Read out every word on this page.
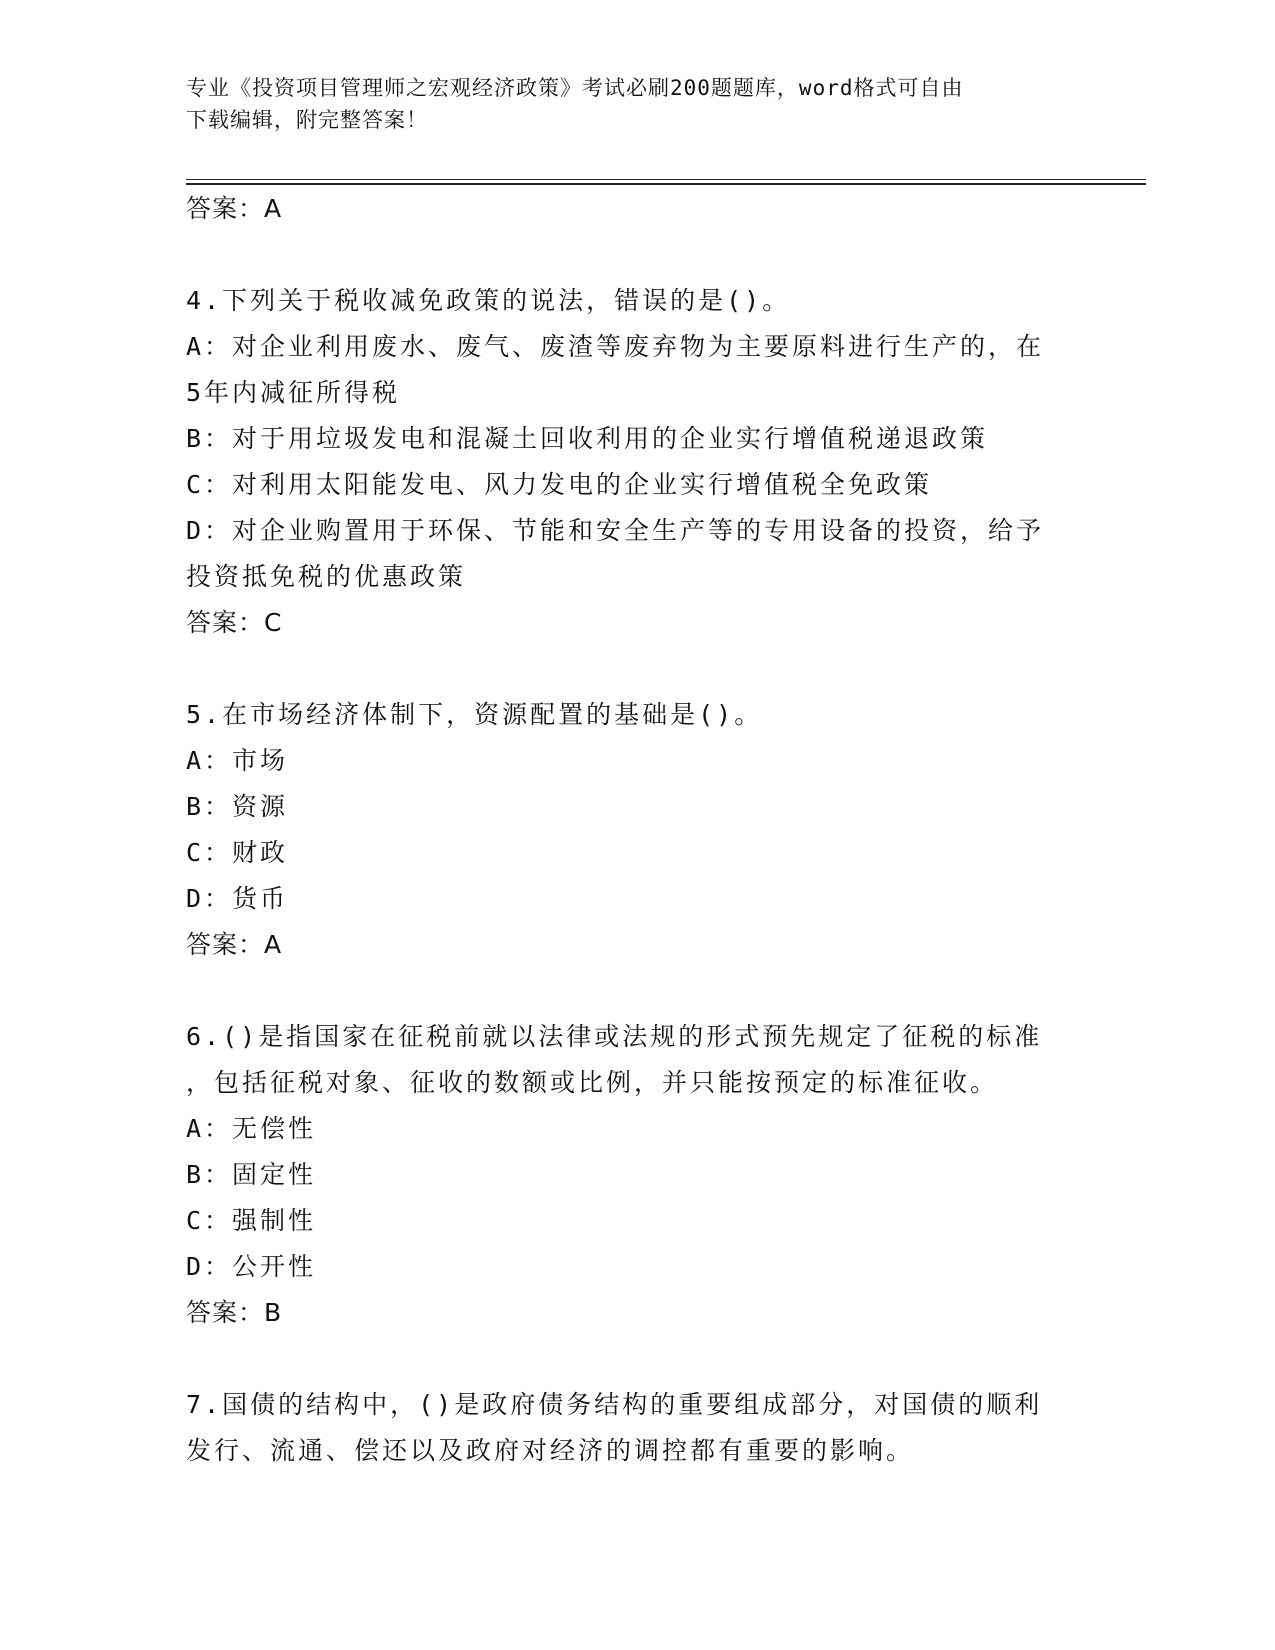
专业《投资项目管理师之宏观经济政策》考试必刷200题题库，word格式可自由
下载编辑，附完整答案！
答案：A
4.下列关于税收减免政策的说法，错误的是()。
A：对企业利用废水、废气、废渣等废弃物为主要原料进行生产的，在
5年内减征所得税
B：对于用垃圾发电和混凝土回收利用的企业实行增值税递退政策
C：对利用太阳能发电、风力发电的企业实行增值税全免政策
D：对企业购置用于环保、节能和安全生产等的专用设备的投资，给予
投资抵免税的优惠政策
答案：C
5.在市场经济体制下，资源配置的基础是()。
A：市场
B：资源
C：财政
D：货币
答案：A
6.()是指国家在征税前就以法律或法规的形式预先规定了征税的标准
，包括征税对象、征收的数额或比例，并只能按预定的标准征收。
A：无偿性
B：固定性
C：强制性
D：公开性
答案：B
7.国债的结构中，()是政府债务结构的重要组成部分，对国债的顺利
发行、流通、偿还以及政府对经济的调控都有重要的影响。
